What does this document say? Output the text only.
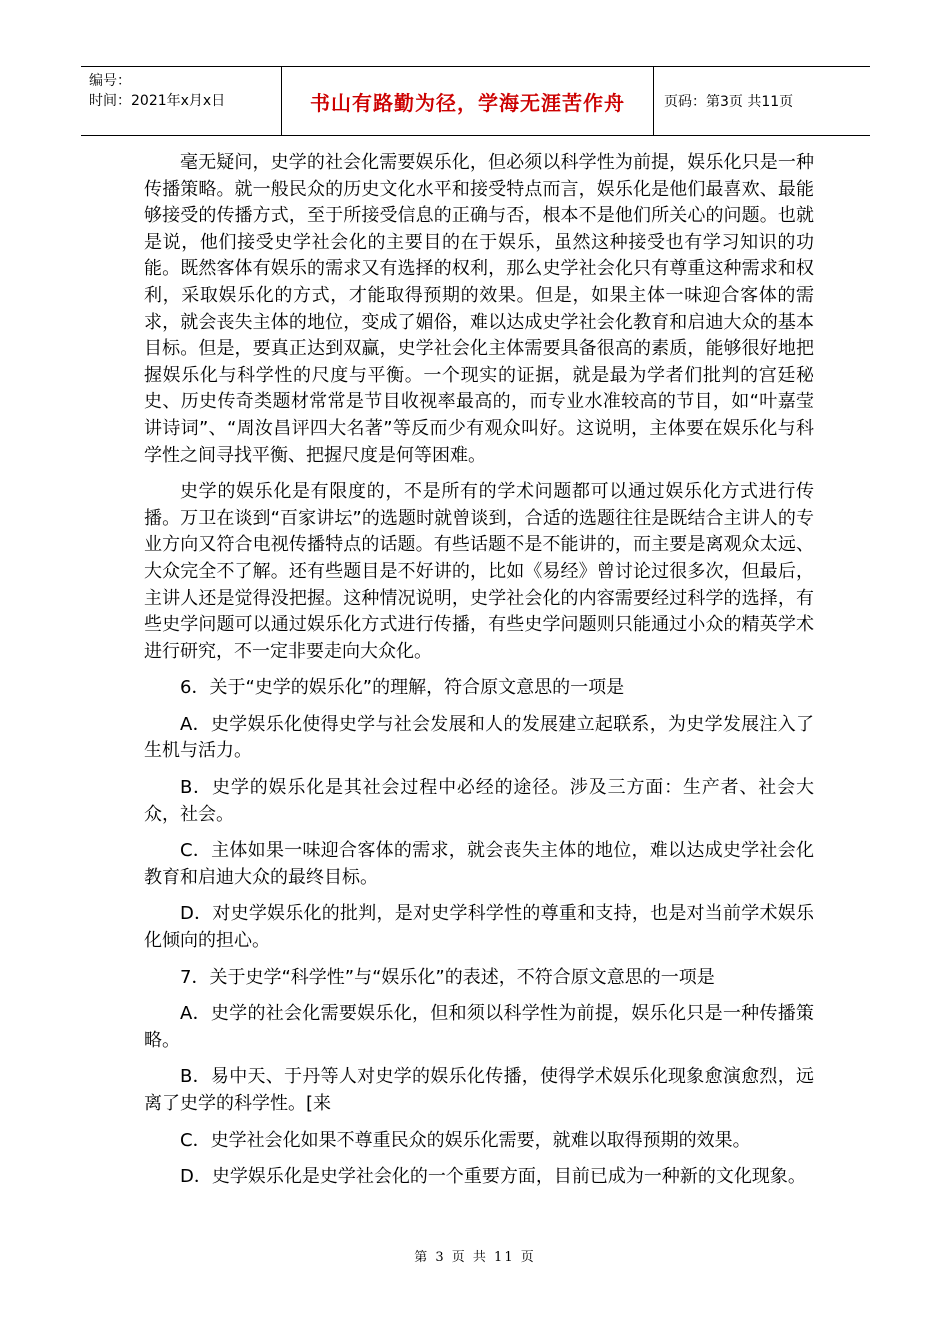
编号：
时间：2021年x月x日	书山有路勤为径，学海无涯苦作舟	页码：第3页 共11页

毫无疑问，史学的社会化需要娱乐化，但必须以科学性为前提，娱乐化只是一种传播策略。就一般民众的历史文化水平和接受特点而言，娱乐化是他们最喜欢、最能够接受的传播方式，至于所接受信息的正确与否，根本不是他们所关心的问题。也就是说，他们接受史学社会化的主要目的在于娱乐，虽然这种接受也有学习知识的功能。既然客体有娱乐的需求又有选择的权利，那么史学社会化只有尊重这种需求和权利，采取娱乐化的方式，才能取得预期的效果。但是，如果主体一味迎合客体的需求，就会丧失主体的地位，变成了媚俗，难以达成史学社会化教育和启迪大众的基本目标。但是，要真正达到双赢，史学社会化主体需要具备很高的素质，能够很好地把握娱乐化与科学性的尺度与平衡。一个现实的证据，就是最为学者们批判的宫廷秘史、历史传奇类题材常常是节目收视率最高的，而专业水准较高的节目，如“叶嘉莹讲诗词”、“周汝昌评四大名著”等反而少有观众叫好。这说明，主体要在娱乐化与科学性之间寻找平衡、把握尺度是何等困难。

史学的娱乐化是有限度的，不是所有的学术问题都可以通过娱乐化方式进行传播。万卫在谈到“百家讲坛”的选题时就曾谈到，合适的选题往往是既结合主讲人的专业方向又符合电视传播特点的话题。有些话题不是不能讲的，而主要是离观众太远、大众完全不了解。还有些题目是不好讲的，比如《易经》曾讨论过很多次，但最后，主讲人还是觉得没把握。这种情况说明，史学社会化的内容需要经过科学的选择，有些史学问题可以通过娱乐化方式进行传播，有些史学问题则只能通过小众的精英学术进行研究，不一定非要走向大众化。

6．关于“史学的娱乐化”的理解，符合原文意思的一项是

A．史学娱乐化使得史学与社会发展和人的发展建立起联系，为史学发展注入了生机与活力。

B．史学的娱乐化是其社会过程中必经的途径。涉及三方面：生产者、社会大众，社会。

C．主体如果一味迎合客体的需求，就会丧失主体的地位，难以达成史学社会化教育和启迪大众的最终目标。

D．对史学娱乐化的批判，是对史学科学性的尊重和支持，也是对当前学术娱乐化倾向的担心。

7．关于史学“科学性”与“娱乐化”的表述，不符合原文意思的一项是

A．史学的社会化需要娱乐化，但和须以科学性为前提，娱乐化只是一种传播策略。

B．易中天、于丹等人对史学的娱乐化传播，使得学术娱乐化现象愈演愈烈，远离了史学的科学性。[来

C．史学社会化如果不尊重民众的娱乐化需要，就难以取得预期的效果。

D．史学娱乐化是史学社会化的一个重要方面，目前已成为一种新的文化现象。

第 3 页 共 11 页
